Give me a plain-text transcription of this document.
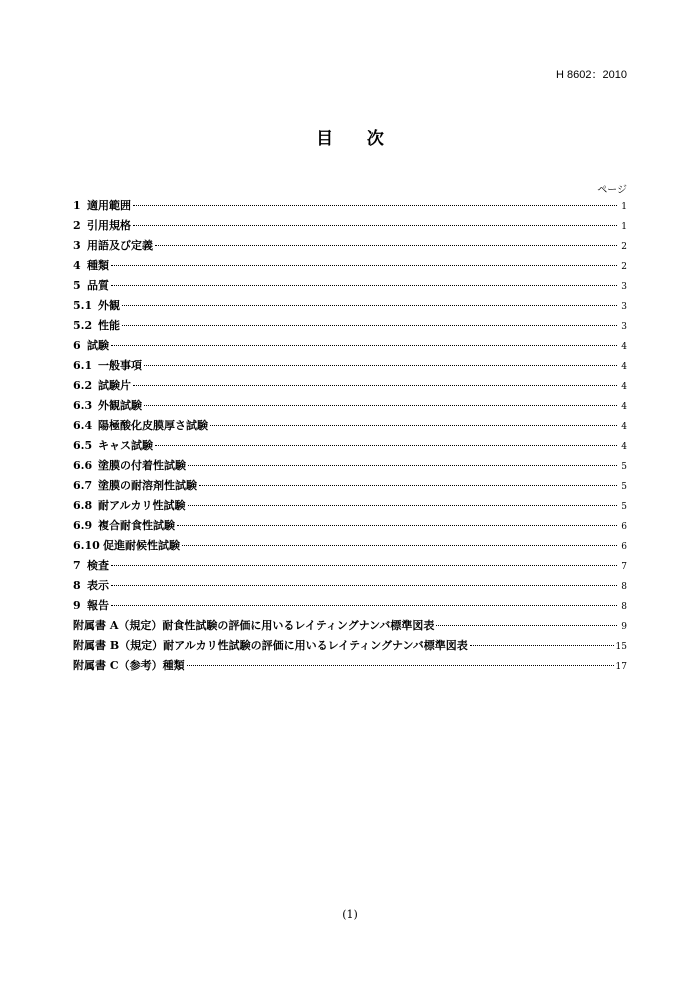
H 8602：2010
目 次
ページ
1 適用範囲	1
2 引用規格	1
3 用語及び定義	2
4 種類	2
5 品質	3
5.1 外観	3
5.2 性能	3
6 試験	4
6.1 一般事項	4
6.2 試験片	4
6.3 外観試験	4
6.4 陽極酸化皮膜厚さ試験	4
6.5 キャス試験	4
6.6 塗膜の付着性試験	5
6.7 塗膜の耐溶剤性試験	5
6.8 耐アルカリ性試験	5
6.9 複合耐食性試験	6
6.10 促進耐候性試験	6
7 検査	7
8 表示	8
9 報告	8
附属書 A（規定）耐食性試験の評価に用いるレイティングナンバ標準図表	9
附属書 B（規定）耐アルカリ性試験の評価に用いるレイティングナンバ標準図表	15
附属書 C（参考）種類	17
(1)
